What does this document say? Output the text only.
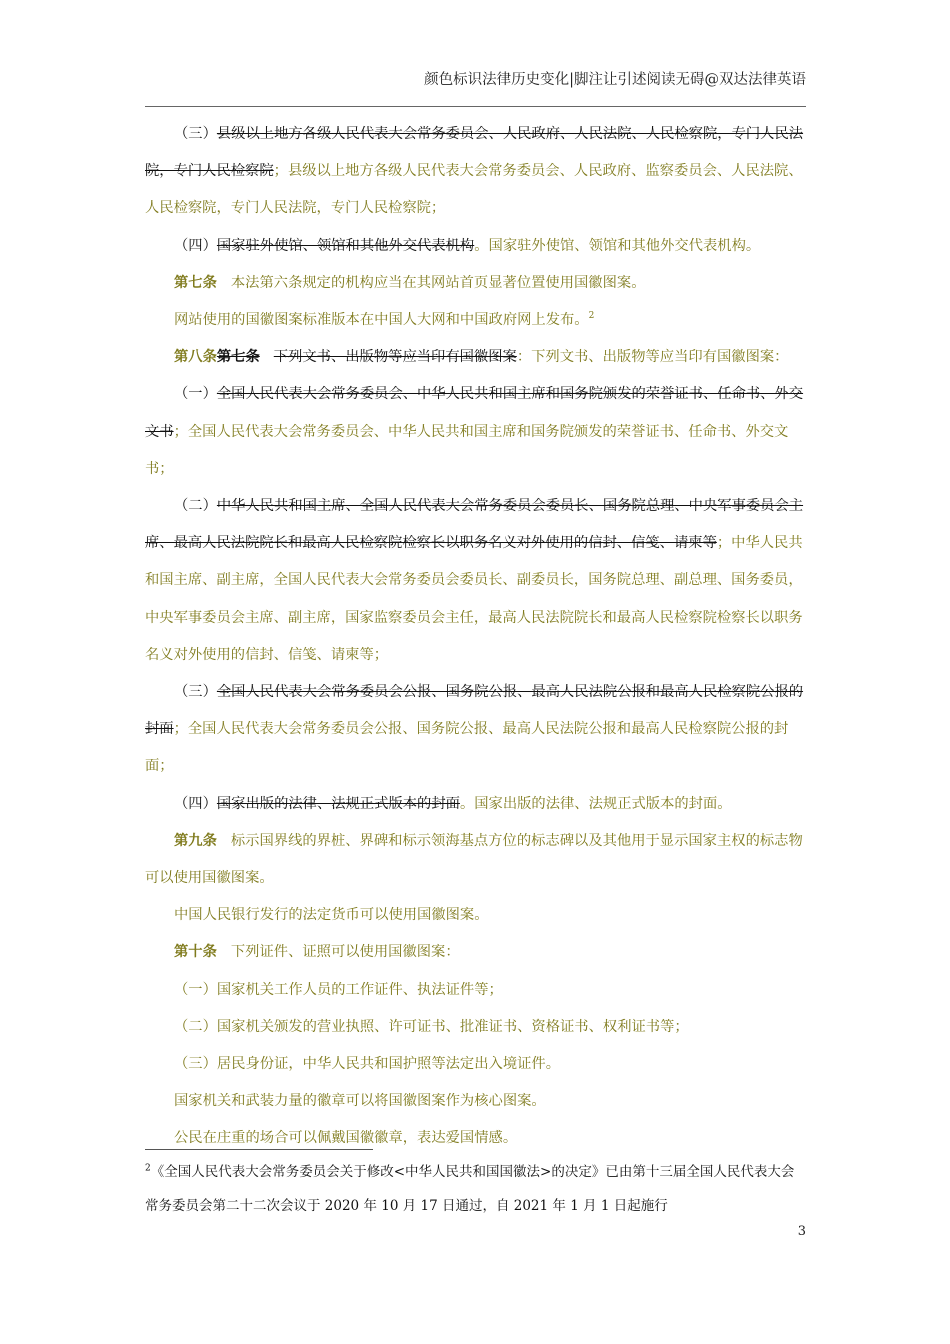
颜色标识法律历史变化|脚注让引述阅读无碍@双达法律英语

（三）县级以上地方各级人民代表大会常务委员会、人民政府、人民法院、人民检察院，专门人民法院，专门人民检察院；县级以上地方各级人民代表大会常务委员会、人民政府、监察委员会、人民法院、人民检察院，专门人民法院，专门人民检察院；

（四）国家驻外使馆、领馆和其他外交代表机构。国家驻外使馆、领馆和其他外交代表机构。

第七条 本法第六条规定的机构应当在其网站首页显著位置使用国徽图案。

网站使用的国徽图案标准版本在中国人大网和中国政府网上发布。$^2$

第八条第七条 下列文书、出版物等应当印有国徽图案：下列文书、出版物等应当印有国徽图案：

（一）全国人民代表大会常务委员会、中华人民共和国主席和国务院颁发的荣誉证书、任命书、外交文书；全国人民代表大会常务委员会、中华人民共和国主席和国务院颁发的荣誉证书、任命书、外交文书；

（二）中华人民共和国主席、全国人民代表大会常务委员会委员长、国务院总理、中央军事委员会主席、最高人民法院院长和最高人民检察院检察长以职务名义对外使用的信封、信笺、请柬等；中华人民共和国主席、副主席，全国人民代表大会常务委员会委员长、副委员长，国务院总理、副总理、国务委员，中央军事委员会主席、副主席，国家监察委员会主任，最高人民法院院长和最高人民检察院检察长以职务名义对外使用的信封、信笺、请柬等；

（三）全国人民代表大会常务委员会公报、国务院公报、最高人民法院公报和最高人民检察院公报的封面；全国人民代表大会常务委员会公报、国务院公报、最高人民法院公报和最高人民检察院公报的封面；

（四）国家出版的法律、法规正式版本的封面。国家出版的法律、法规正式版本的封面。

第九条 标示国界线的界桩、界碑和标示领海基点方位的标志碑以及其他用于显示国家主权的标志物可以使用国徽图案。

中国人民银行发行的法定货币可以使用国徽图案。

第十条 下列证件、证照可以使用国徽图案：

（一）国家机关工作人员的工作证件、执法证件等；

（二）国家机关颁发的营业执照、许可证书、批准证书、资格证书、权利证书等；

（三）居民身份证，中华人民共和国护照等法定出入境证件。

国家机关和武装力量的徽章可以将国徽图案作为核心图案。

公民在庄重的场合可以佩戴国徽徽章，表达爱国情感。

$^2$《全国人民代表大会常务委员会关于修改<中华人民共和国国徽法>的决定》已由第十三届全国人民代表大会常务委员会第二十二次会议于 2020 年 10 月 17 日通过，自 2021 年 1 月 1 日起施行
3
